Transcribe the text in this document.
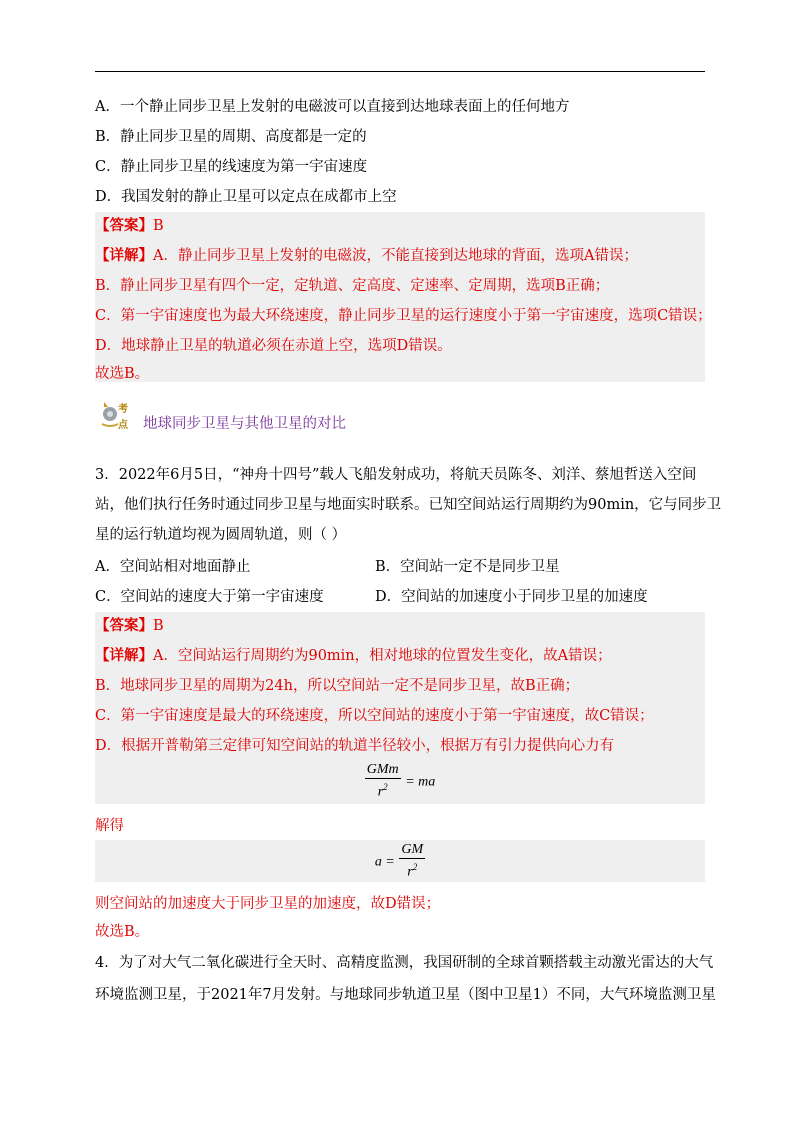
A．一个静止同步卫星上发射的电磁波可以直接到达地球表面上的任何地方
B．静止同步卫星的周期、高度都是一定的
C．静止同步卫星的线速度为第一宇宙速度
D．我国发射的静止卫星可以定点在成都市上空
【答案】B
【详解】A．静止同步卫星上发射的电磁波，不能直接到达地球的背面，选项A错误；
B．静止同步卫星有四个一定，定轨道、定高度、定速率、定周期，选项B正确；
C．第一宇宙速度也为最大环绕速度，静止同步卫星的运行速度小于第一宇宙速度，选项C错误；
D．地球静止卫星的轨道必须在赤道上空，选项D错误。
故选B。
考
点 地球同步卫星与其他卫星的对比
3．2022年6月5日，“神舟十四号”载人飞船发射成功，将航天员陈冬、刘洋、蔡旭哲送入空间
站，他们执行任务时通过同步卫星与地面实时联系。已知空间站运行周期约为90min，它与同步卫
星的运行轨道均视为圆周轨道，则（ ）
A．空间站相对地面静止	B．空间站一定不是同步卫星
C．空间站的速度大于第一宇宙速度	D．空间站的加速度小于同步卫星的加速度
【答案】B
【详解】A．空间站运行周期约为90min，相对地球的位置发生变化，故A错误；
B．地球同步卫星的周期为24h，所以空间站一定不是同步卫星，故B正确；
C．第一宇宙速度是最大的环绕速度，所以空间站的速度小于第一宇宙速度，故C错误；
D．根据开普勒第三定律可知空间站的轨道半径较小，根据万有引力提供向心力有
$\frac{\text{GMm}}{r^2}$ = ma
解得
$a = \frac{GM}{r^2}$
则空间站的加速度大于同步卫星的加速度，故D错误；
故选B。
4．为了对大气二氧化碳进行全天时、高精度监测，我国研制的全球首颗搭载主动激光雷达的大气
环境监测卫星，于2021年7月发射。与地球同步轨道卫星（图中卫星1）不同，大气环境监测卫星
